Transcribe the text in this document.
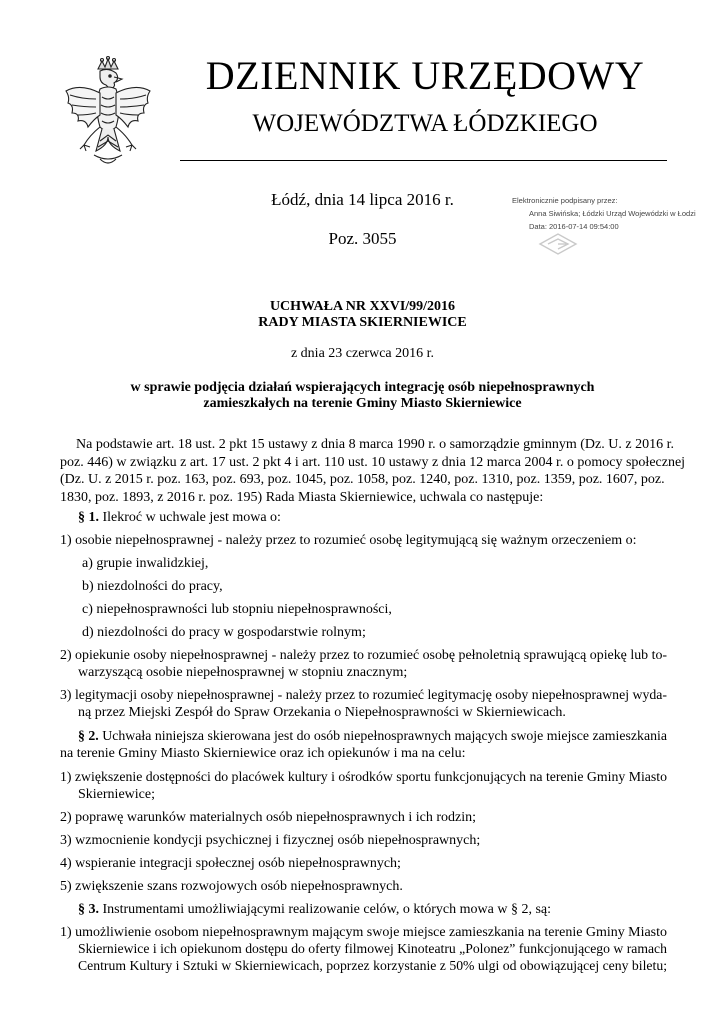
DZIENNIK URZĘDOWY
WOJEWÓDZTWA ŁÓDZKIEGO
Łódź, dnia 14 lipca 2016 r.
Poz. 3055
Elektronicznie podpisany przez:
Anna Siwińska; Łódzki Urząd Wojewódzki w Łodzi
Data: 2016-07-14 09:54:00
UCHWAŁA NR XXVI/99/2016
RADY MIASTA SKIERNIEWICE
z dnia 23 czerwca 2016 r.
w sprawie podjęcia działań wspierających integrację osób niepełnosprawnych
zamieszkałych na terenie Gminy Miasto Skierniewice
Na podstawie art. 18 ust. 2 pkt 15 ustawy z dnia 8 marca 1990 r. o samorządzie gminnym (Dz. U. z 2016 r.
poz. 446) w związku z art. 17 ust. 2 pkt 4 i art. 110 ust. 10 ustawy z dnia 12 marca 2004 r. o pomocy społecznej
(Dz. U. z 2015 r. poz. 163, poz. 693, poz. 1045, poz. 1058, poz. 1240, poz. 1310, poz. 1359, poz. 1607, poz.
1830, poz. 1893, z 2016 r. poz. 195) Rada Miasta Skierniewice, uchwala co następuje:
§ 1. Ilekroć w uchwale jest mowa o:
1) osobie niepełnosprawnej - należy przez to rozumieć osobę legitymującą się ważnym orzeczeniem o:
a) grupie inwalidzkiej,
b) niezdolności do pracy,
c) niepełnosprawności lub stopniu niepełnosprawności,
d) niezdolności do pracy w gospodarstwie rolnym;
2) opiekunie osoby niepełnosprawnej - należy przez to rozumieć osobę pełnoletnią sprawującą opiekę lub to-
warzyszącą osobie niepełnosprawnej w stopniu znacznym;
3) legitymacji osoby niepełnosprawnej - należy przez to rozumieć legitymację osoby niepełnosprawnej wyda-
ną przez Miejski Zespół do Spraw Orzekania o Niepełnosprawności w Skierniewicach.
§ 2. Uchwała niniejsza skierowana jest do osób niepełnosprawnych mających swoje miejsce zamieszkania
na terenie Gminy Miasto Skierniewice oraz ich opiekunów i ma na celu:
1) zwiększenie dostępności do placówek kultury i ośrodków sportu funkcjonujących na terenie Gminy Miasto
Skierniewice;
2) poprawę warunków materialnych osób niepełnosprawnych i ich rodzin;
3) wzmocnienie kondycji psychicznej i fizycznej osób niepełnosprawnych;
4) wspieranie integracji społecznej osób niepełnosprawnych;
5) zwiększenie szans rozwojowych osób niepełnosprawnych.
§ 3. Instrumentami umożliwiającymi realizowanie celów, o których mowa w § 2, są:
1) umożliwienie osobom niepełnosprawnym mającym swoje miejsce zamieszkania na terenie Gminy Miasto
Skierniewice i ich opiekunom dostępu do oferty filmowej Kinoteatru „Polonez” funkcjonującego w ramach
Centrum Kultury i Sztuki w Skierniewicach, poprzez korzystanie z 50% ulgi od obowiązującej ceny biletu;
